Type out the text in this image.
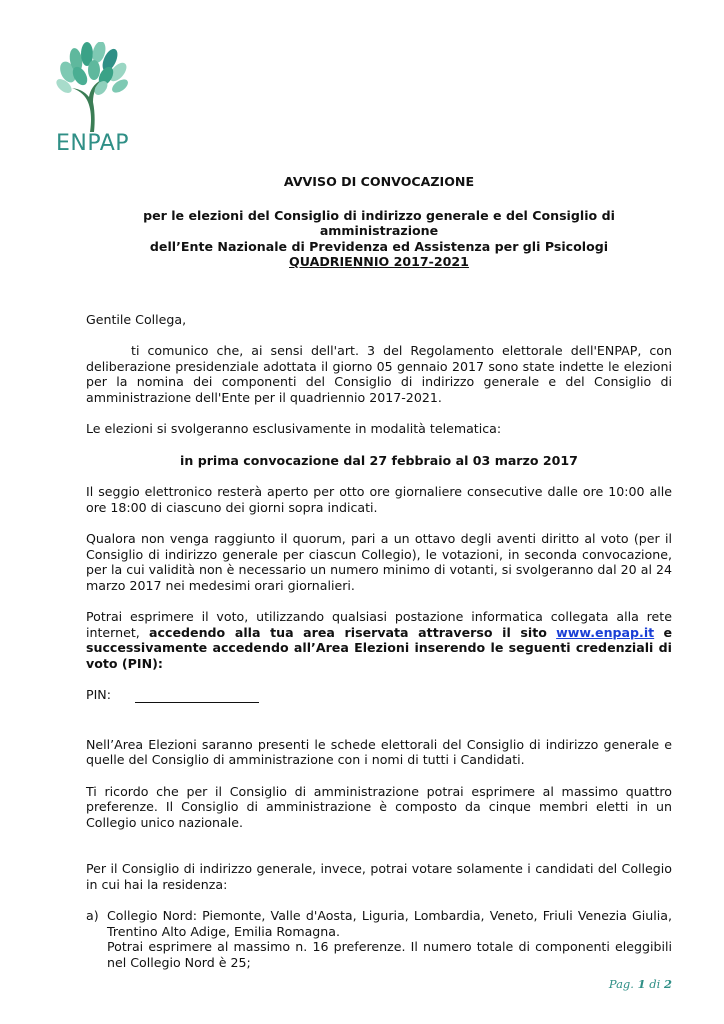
ENPAP

AVVISO DI CONVOCAZIONE

per le elezioni del Consiglio di indirizzo generale e del Consiglio di amministrazione

dell’Ente Nazionale di Previdenza ed Assistenza per gli Psicologi

QUADRIENNIO 2017-2021

Gentile Collega,

ti comunico che, ai sensi dell'art. 3 del Regolamento elettorale dell'ENPAP, con deliberazione presidenziale adottata il giorno 05 gennaio 2017 sono state indette le elezioni per la nomina dei componenti del Consiglio di indirizzo generale e del Consiglio di amministrazione dell'Ente per il quadriennio 2017-2021.

Le elezioni si svolgeranno esclusivamente in modalità telematica:

in prima convocazione dal 27 febbraio al 03 marzo 2017

Il seggio elettronico resterà aperto per otto ore giornaliere consecutive dalle ore 10:00 alle ore 18:00 di ciascuno dei giorni sopra indicati.

Qualora non venga raggiunto il quorum, pari a un ottavo degli aventi diritto al voto (per il Consiglio di indirizzo generale per ciascun Collegio), le votazioni, in seconda convocazione, per la cui validità non è necessario un numero minimo di votanti, si svolgeranno dal 20 al 24 marzo 2017 nei medesimi orari giornalieri.

Potrai esprimere il voto, utilizzando qualsiasi postazione informatica collegata alla rete internet, accedendo alla tua area riservata attraverso il sito www.enpap.it e successivamente accedendo all’Area Elezioni inserendo le seguenti credenziali di voto (PIN):

PIN:

Nell’Area Elezioni saranno presenti le schede elettorali del Consiglio di indirizzo generale e quelle del Consiglio di amministrazione con i nomi di tutti i Candidati.

Ti ricordo che per il Consiglio di amministrazione potrai esprimere al massimo quattro preferenze. Il Consiglio di amministrazione è composto da cinque membri eletti in un Collegio unico nazionale.

Per il Consiglio di indirizzo generale, invece, potrai votare solamente i candidati del Collegio in cui hai la residenza:

a) Collegio Nord: Piemonte, Valle d'Aosta, Liguria, Lombardia, Veneto, Friuli Venezia Giulia, Trentino Alto Adige, Emilia Romagna.

Potrai esprimere al massimo n. 16 preferenze. Il numero totale di componenti eleggibili nel Collegio Nord è 25;

Pag. 1 di 2
